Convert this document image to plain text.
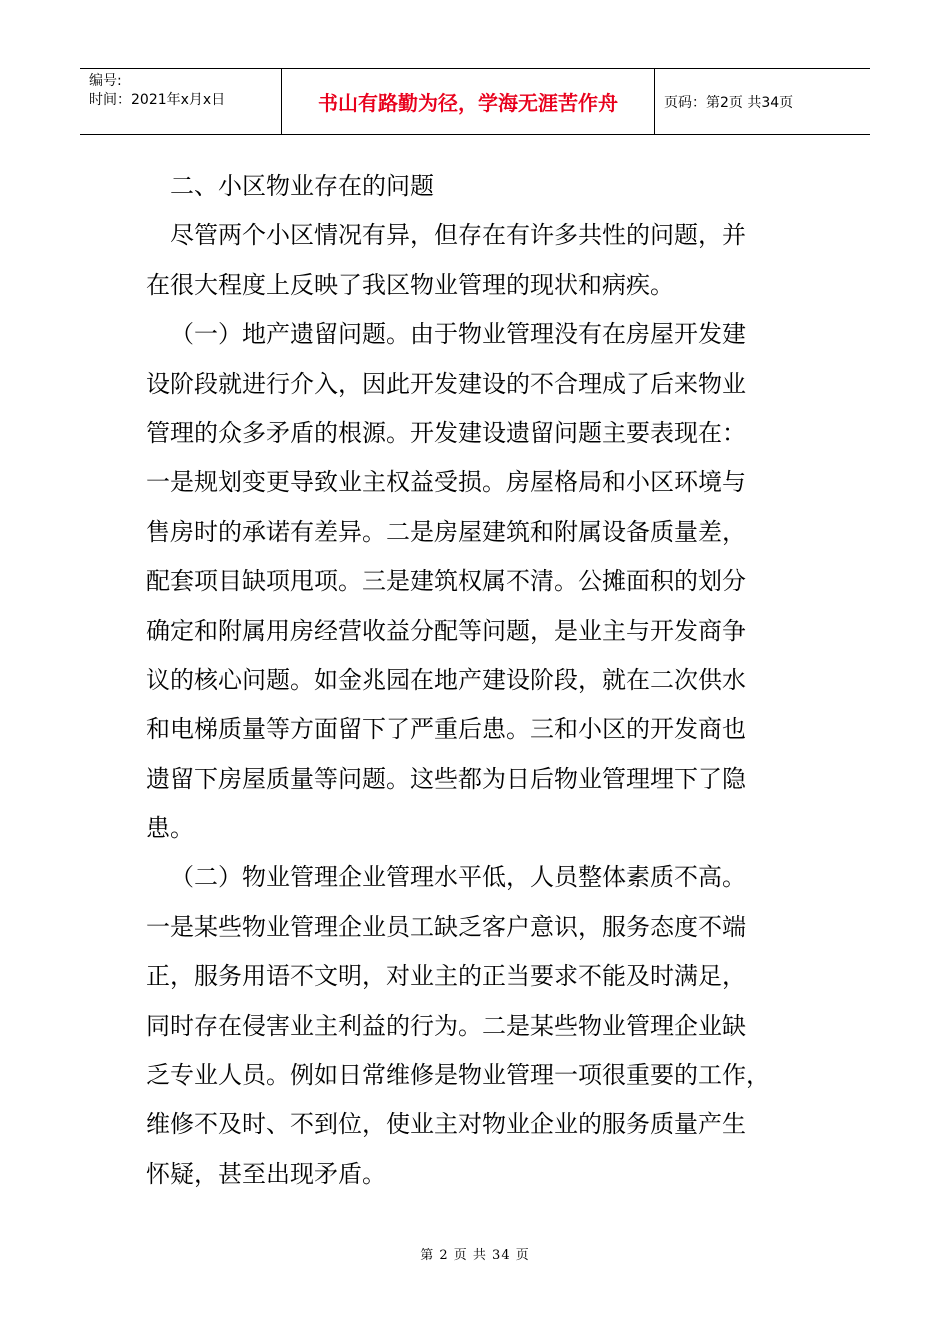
编号:
时间：2021年x月x日	书山有路勤为径，学海无涯苦作舟	页码：第2页 共34页
二、小区物业存在的问题
尽管两个小区情况有异，但存在有许多共性的问题，并
在很大程度上反映了我区物业管理的现状和病疾。
（一）地产遗留问题。由于物业管理没有在房屋开发建
设阶段就进行介入，因此开发建设的不合理成了后来物业
管理的众多矛盾的根源。开发建设遗留问题主要表现在：
一是规划变更导致业主权益受损。房屋格局和小区环境与
售房时的承诺有差异。二是房屋建筑和附属设备质量差，
配套项目缺项甩项。三是建筑权属不清。公摊面积的划分
确定和附属用房经营收益分配等问题，是业主与开发商争
议的核心问题。如金兆园在地产建设阶段，就在二次供水
和电梯质量等方面留下了严重后患。三和小区的开发商也
遗留下房屋质量等问题。这些都为日后物业管理埋下了隐
患。
（二）物业管理企业管理水平低，人员整体素质不高。
一是某些物业管理企业员工缺乏客户意识，服务态度不端
正，服务用语不文明，对业主的正当要求不能及时满足，
同时存在侵害业主利益的行为。二是某些物业管理企业缺
乏专业人员。例如日常维修是物业管理一项很重要的工作，
维修不及时、不到位，使业主对物业企业的服务质量产生
怀疑，甚至出现矛盾。
第 2 页 共 34 页
